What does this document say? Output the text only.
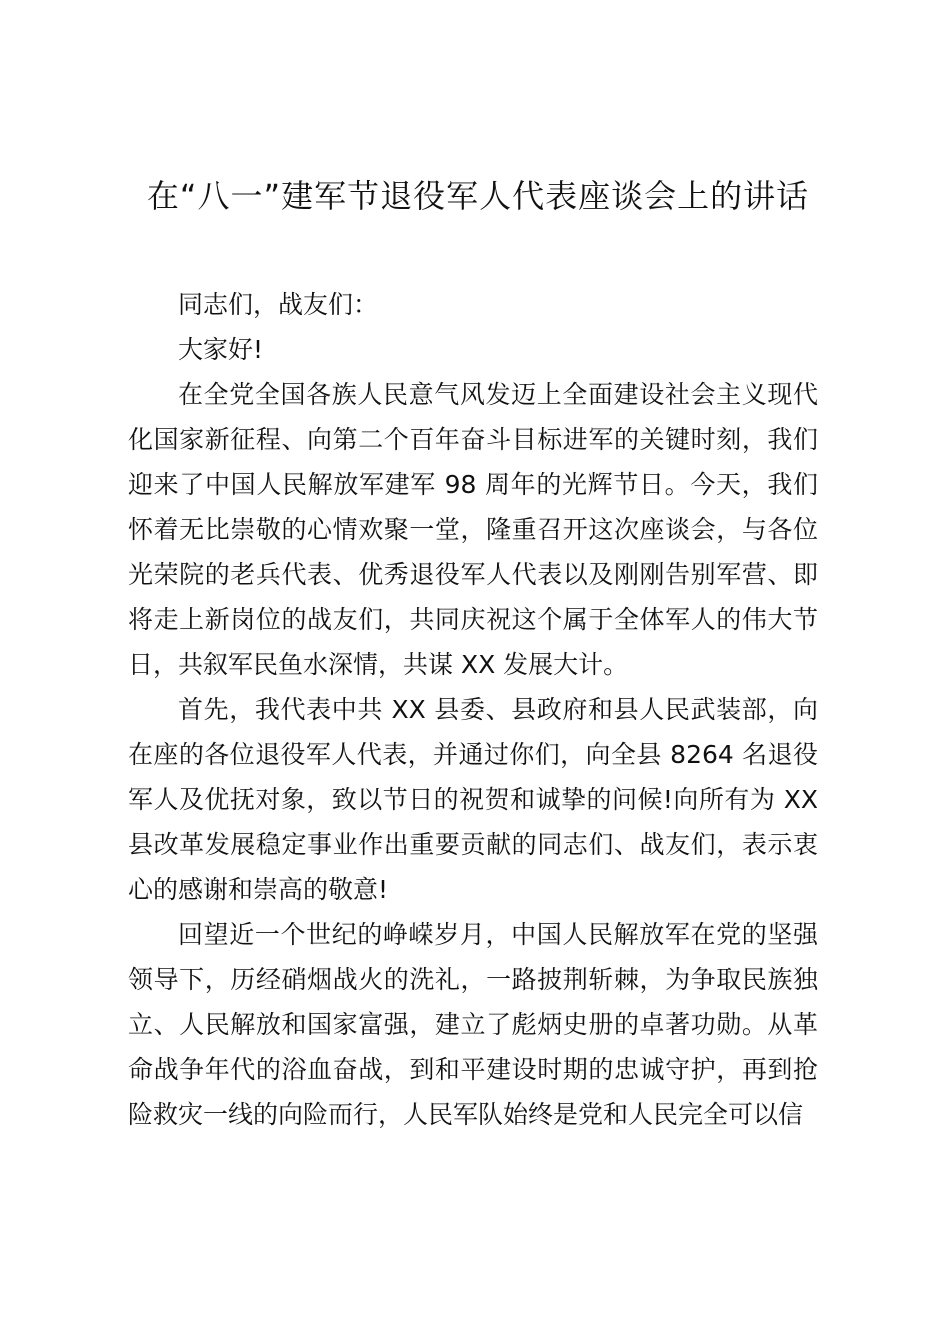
在“八一”建军节退役军人代表座谈会上的讲话

同志们，战友们：

大家好!

在全党全国各族人民意气风发迈上全面建设社会主义现代化国家新征程、向第二个百年奋斗目标进军的关键时刻，我们迎来了中国人民解放军建军 98 周年的光辉节日。今天，我们怀着无比崇敬的心情欢聚一堂，隆重召开这次座谈会，与各位光荣院的老兵代表、优秀退役军人代表以及刚刚告别军营、即将走上新岗位的战友们，共同庆祝这个属于全体军人的伟大节日，共叙军民鱼水深情，共谋 XX 发展大计。

首先，我代表中共 XX 县委、县政府和县人民武装部，向在座的各位退役军人代表，并通过你们，向全县 8264 名退役军人及优抚对象，致以节日的祝贺和诚挚的问候!向所有为 XX 县改革发展稳定事业作出重要贡献的同志们、战友们，表示衷心的感谢和崇高的敬意!

回望近一个世纪的峥嵘岁月，中国人民解放军在党的坚强领导下，历经硝烟战火的洗礼，一路披荆斩棘，为争取民族独立、人民解放和国家富强，建立了彪炳史册的卓著功勋。从革命战争年代的浴血奋战，到和平建设时期的忠诚守护，再到抢险救灾一线的向险而行，人民军队始终是党和人民完全可以信
